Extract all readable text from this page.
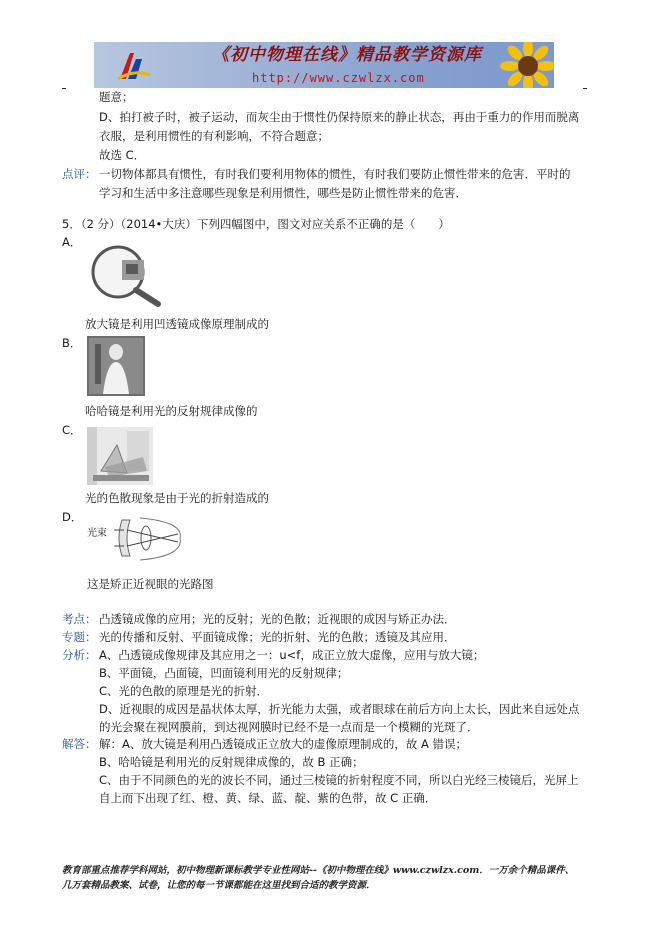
《初中物理在线》精品教学资源库
http://www.czwlzx.com
题意；
D、拍打被子时，被子运动，而灰尘由于惯性仍保持原来的静止状态，再由于重力的作用而脱离
衣服，是利用惯性的有利影响，不符合题意；
故选 C．
点评： 一切物体都具有惯性，有时我们要利用物体的惯性，有时我们要防止惯性带来的危害．平时的
学习和生活中多注意哪些现象是利用惯性，哪些是防止惯性带来的危害．
5．（2 分）（2014•大庆）下列四幅图中，图文对应关系不正确的是（　　）
A．
放大镜是利用凹透镜成像原理制成的
B．
哈哈镜是利用光的反射规律成像的
C．
光的色散现象是由于光的折射造成的
D．
光束
这是矫正近视眼的光路图
考点： 凸透镜成像的应用；光的反射；光的色散；近视眼的成因与矫正办法．
专题： 光的传播和反射、平面镜成像；光的折射、光的色散；透镜及其应用．
分析： A、凸透镜成像规律及其应用之一：u<f，成正立放大虚像，应用与放大镜；
B、平面镜，凸面镜，凹面镜利用光的反射规律；
C、光的色散的原理是光的折射．
D、近视眼的成因是晶状体太厚，折光能力太强，或者眼球在前后方向上太长，因此来自远处点
的光会聚在视网膜前，到达视网膜时已经不是一点而是一个模糊的光斑了．
解答： 解：A、放大镜是利用凸透镜成正立放大的虚像原理制成的，故 A 错误；
B、哈哈镜是利用光的反射规律成像的，故 B 正确；
C、由于不同颜色的光的波长不同，通过三棱镜的折射程度不同，所以白光经三棱镜后，光屏上
自上而下出现了红、橙、黄、绿、蓝、靛、紫的色带，故 C 正确．
教育部重点推荐学科网站，初中物理新课标教学专业性网站--《初中物理在线》www.czwlzx.com．一万余个精品课件、
几万套精品教案、试卷，让您的每一节课都能在这里找到合适的教学资源．
